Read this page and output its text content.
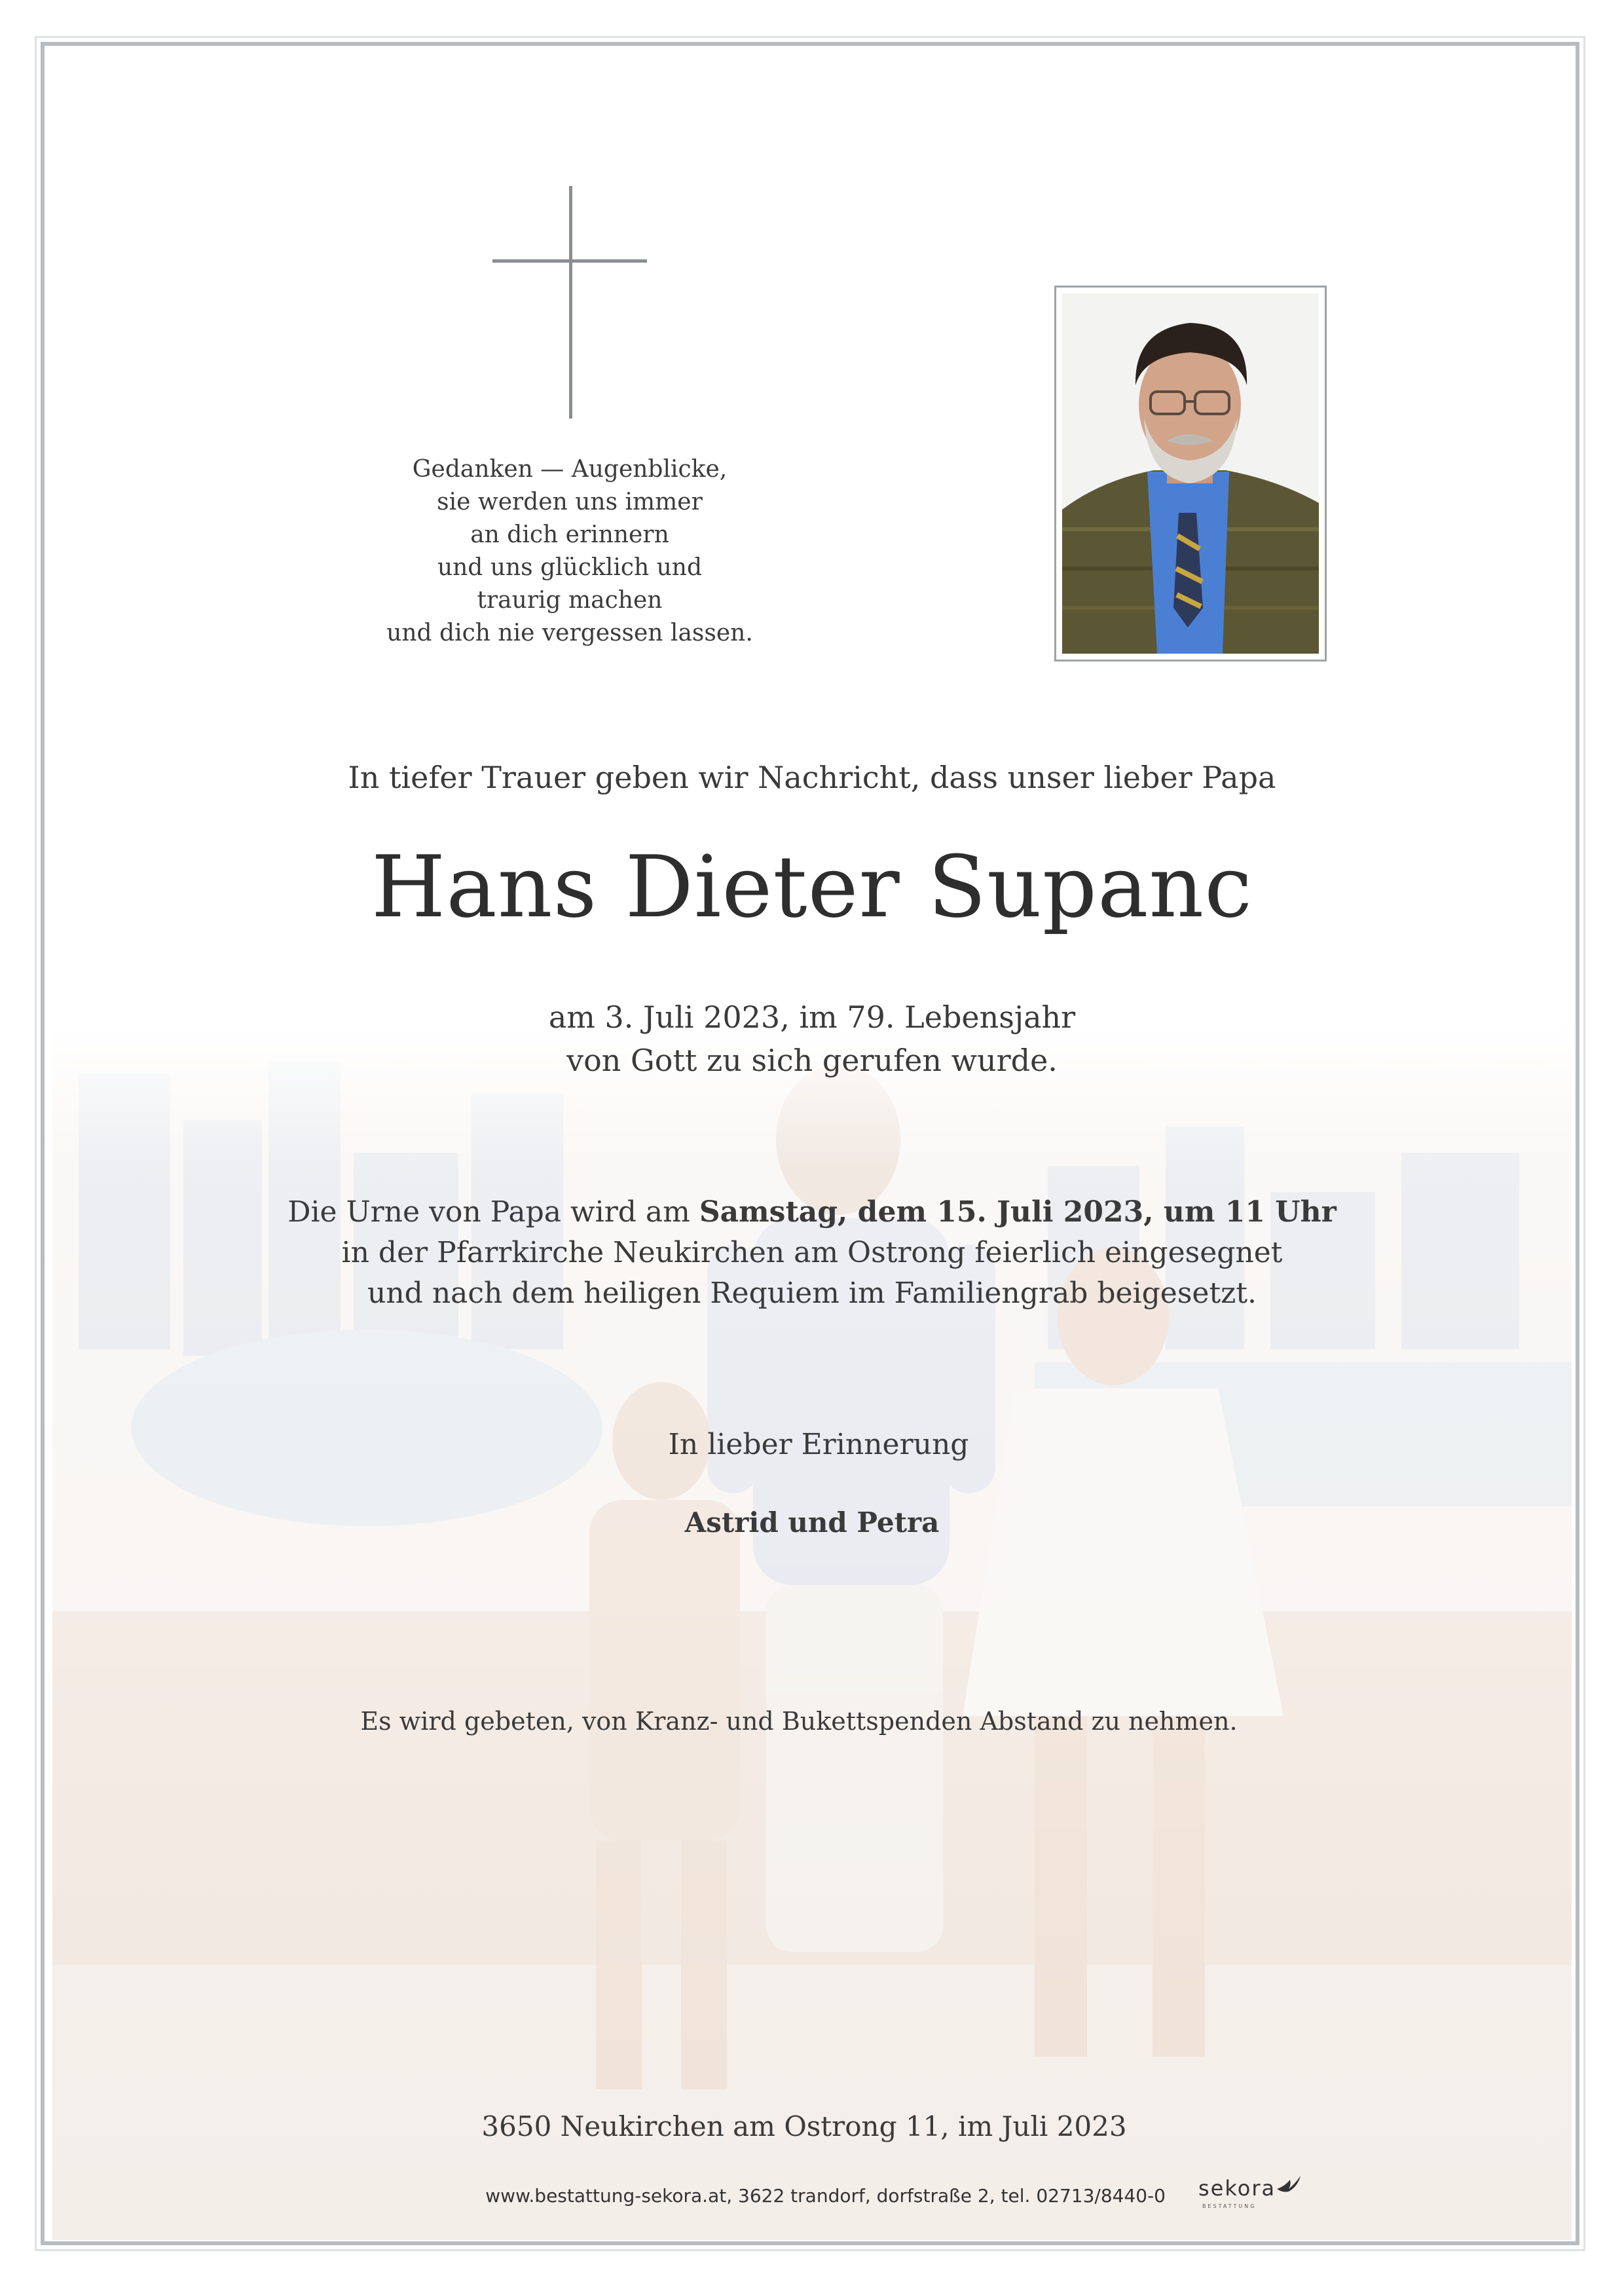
Gedanken — Augenblicke,
sie werden uns immer
an dich erinnern
und uns glücklich und
traurig machen
und dich nie vergessen lassen.
In tiefer Trauer geben wir Nachricht, dass unser lieber Papa
Hans Dieter Supanc
am 3. Juli 2023, im 79. Lebensjahr
von Gott zu sich gerufen wurde.
Die Urne von Papa wird am Samstag, dem 15. Juli 2023, um 11 Uhr
in der Pfarrkirche Neukirchen am Ostrong feierlich eingesegnet
und nach dem heiligen Requiem im Familiengrab beigesetzt.
In lieber Erinnerung
Astrid und Petra
Es wird gebeten, von Kranz- und Bukettspenden Abstand zu nehmen.
3650 Neukirchen am Ostrong 11, im Juli 2023
www.bestattung-sekora.at, 3622 trandorf, dorfstraße 2, tel. 02713/8440-0 sekora
BESTATTUNG
